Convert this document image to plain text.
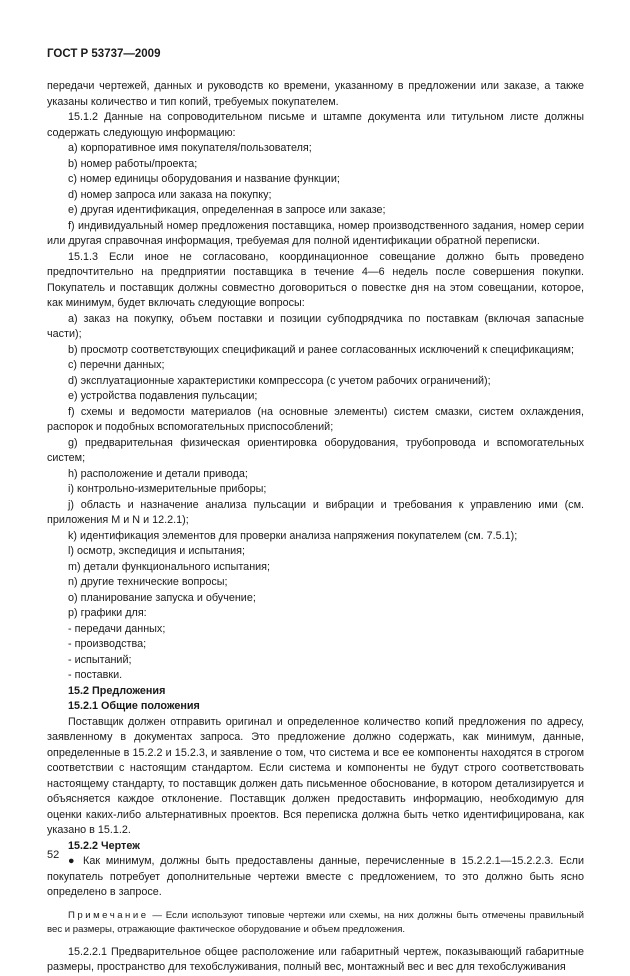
ГОСТ Р 53737—2009

передачи чертежей, данных и руководств ко времени, указанному в предложении или заказе, а также указаны количество и тип копий, требуемых покупателем.

15.1.2 Данные на сопроводительном письме и штампе документа или титульном листе должны содержать следующую информацию:

a) корпоративное имя покупателя/пользователя;

b) номер работы/проекта;

c) номер единицы оборудования и название функции;

d) номер запроса или заказа на покупку;

e) другая идентификация, определенная в запросе или заказе;

f) индивидуальный номер предложения поставщика, номер производственного задания, номер серии или другая справочная информация, требуемая для полной идентификации обратной переписки.

15.1.3 Если иное не согласовано, координационное совещание должно быть проведено предпочтительно на предприятии поставщика в течение 4—6 недель после совершения покупки. Покупатель и поставщик должны совместно договориться о повестке дня на этом совещании, которое, как минимум, будет включать следующие вопросы:

a) заказ на покупку, объем поставки и позиции субподрядчика по поставкам (включая запасные части);

b) просмотр соответствующих спецификаций и ранее согласованных исключений к спецификациям;

c) перечни данных;

d) эксплуатационные характеристики компрессора (с учетом рабочих ограничений);

e) устройства подавления пульсации;

f) схемы и ведомости материалов (на основные элементы) систем смазки, систем охлаждения, распорок и подобных вспомогательных приспособлений;

g) предварительная физическая ориентировка оборудования, трубопровода и вспомогательных систем;

h) расположение и детали привода;

i) контрольно-измерительные приборы;

j) область и назначение анализа пульсации и вибрации и требования к управлению ими (см. приложения M и N и 12.2.1);

k) идентификация элементов для проверки анализа напряжения покупателем (см. 7.5.1);

l) осмотр, экспедиция и испытания;

m) детали функционального испытания;

n) другие технические вопросы;

o) планирование запуска и обучение;

p) графики для:

- передачи данных;

- производства;

- испытаний;

- поставки.

15.2 Предложения

15.2.1 Общие положения

Поставщик должен отправить оригинал и определенное количество копий предложения по адресу, заявленному в документах запроса. Это предложение должно содержать, как минимум, данные, определенные в 15.2.2 и 15.2.3, и заявление о том, что система и все ее компоненты находятся в строгом соответствии с настоящим стандартом. Если система и компоненты не будут строго соответствовать настоящему стандарту, то поставщик должен дать письменное обоснование, в котором детализируется и объясняется каждое отклонение. Поставщик должен предоставить информацию, необходимую для оценки каких-либо альтернативных проектов. Вся переписка должна быть четко идентифицирована, как указано в 15.1.2.

15.2.2 Чертеж

● Как минимум, должны быть предоставлены данные, перечисленные в 15.2.2.1—15.2.2.3. Если покупатель потребует дополнительные чертежи вместе с предложением, то это должно быть ясно определено в запросе.

Примечание — Если используют типовые чертежи или схемы, на них должны быть отмечены правильный вес и размеры, отражающие фактическое оборудование и объем предложения.

15.2.2.1 Предварительное общее расположение или габаритный чертеж, показывающий габаритные размеры, пространство для техобслуживания, полный вес, монтажный вес и вес для техобслуживания

52
